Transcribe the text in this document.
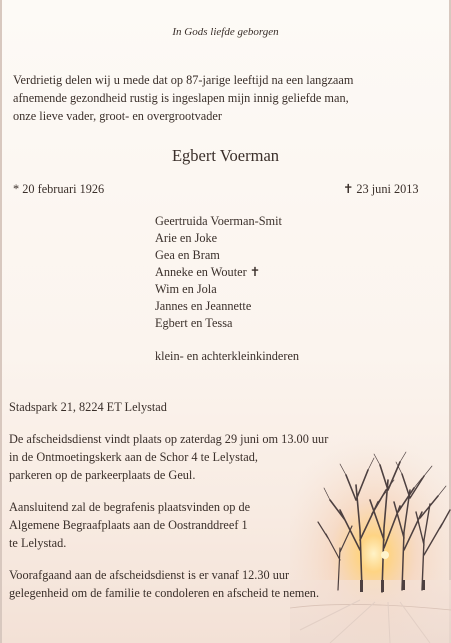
In Gods liefde geborgen
Verdrietig delen wij u mede dat op 87-jarige leeftijd na een langzaam
afnemende gezondheid rustig is ingeslapen mijn innig geliefde man,
onze lieve vader, groot- en overgrootvader
Egbert Voerman
* 20 februari 1926	✝ 23 juni 2013
Geertruida Voerman-Smit
Arie en Joke
Gea en Bram
Anneke en Wouter ✝
Wim en Jola
Jannes en Jeannette
Egbert en Tessa
klein- en achterkleinkinderen
Stadspark 21, 8224 ET Lelystad
De afscheidsdienst vindt plaats op zaterdag 29 juni om 13.00 uur
in de Ontmoetingskerk aan de Schor 4 te Lelystad,
parkeren op de parkeerplaats de Geul.
Aansluitend zal de begrafenis plaatsvinden op de
Algemene Begraafplaats aan de Oostranddreef 1
te Lelystad.
Voorafgaand aan de afscheidsdienst is er vanaf 12.30 uur
gelegenheid om de familie te condoleren en afscheid te nemen.
